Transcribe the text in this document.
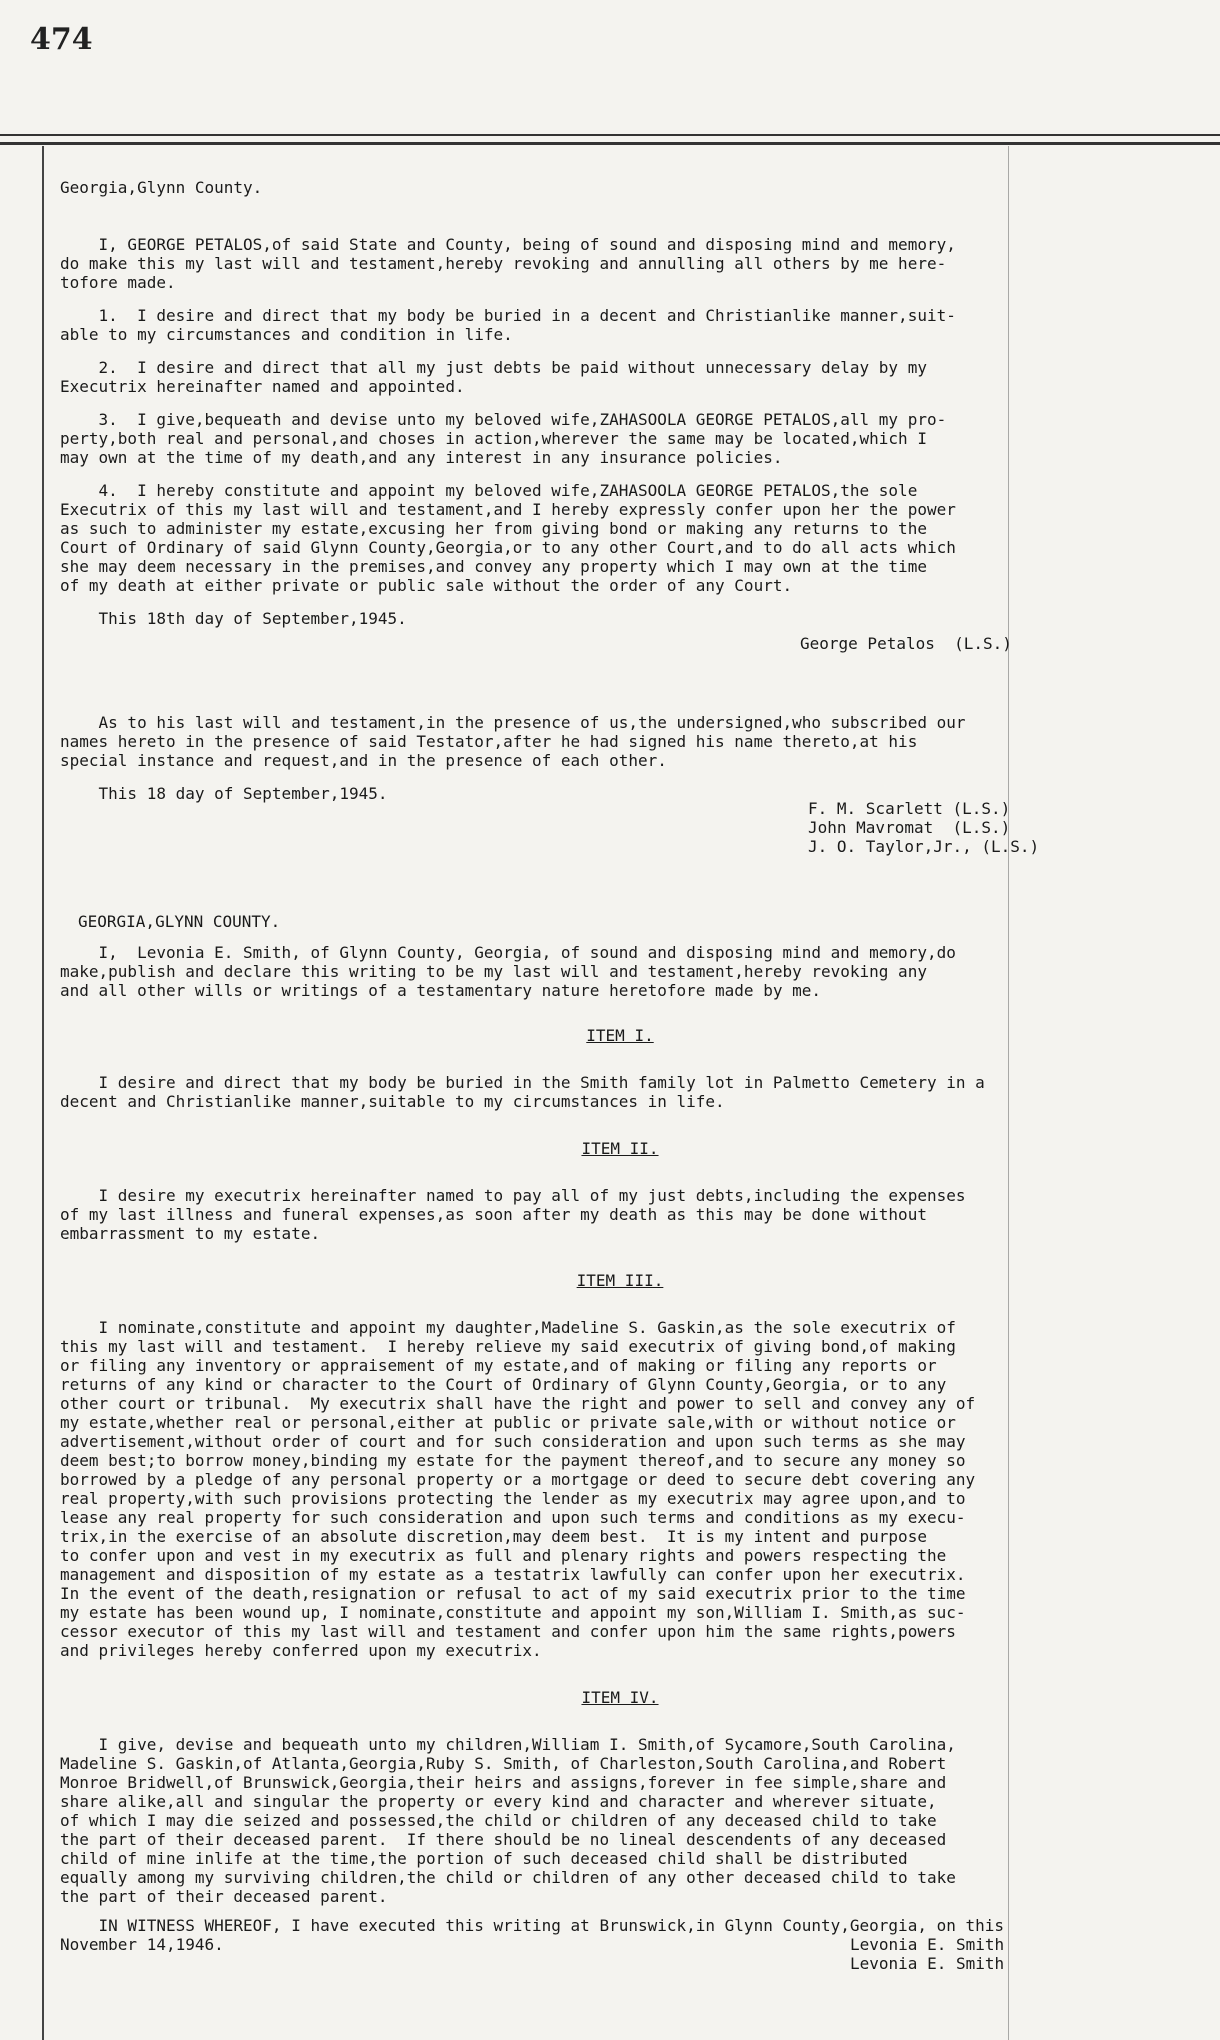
474

Georgia,Glynn County.

I, GEORGE PETALOS,of said State and County, being of sound and disposing mind and memory,
do make this my last will and testament,hereby revoking and annulling all others by me here-
tofore made.

1.  I desire and direct that my body be buried in a decent and Christianlike manner,suit-
able to my circumstances and condition in life.

2.  I desire and direct that all my just debts be paid without unnecessary delay by my
Executrix hereinafter named and appointed.

3.  I give,bequeath and devise unto my beloved wife,ZAHASOOLA GEORGE PETALOS,all my pro-
perty,both real and personal,and choses in action,wherever the same may be located,which I
may own at the time of my death,and any interest in any insurance policies.

4.  I hereby constitute and appoint my beloved wife,ZAHASOOLA GEORGE PETALOS,the sole
Executrix of this my last will and testament,and I hereby expressly confer upon her the power
as such to administer my estate,excusing her from giving bond or making any returns to the
Court of Ordinary of said Glynn County,Georgia,or to any other Court,and to do all acts which
she may deem necessary in the premises,and convey any property which I may own at the time
of my death at either private or public sale without the order of any Court.

This 18th day of September,1945.

George Petalos  (L.S.)

As to his last will and testament,in the presence of us,the undersigned,who subscribed our
names hereto in the presence of said Testator,after he had signed his name thereto,at his
special instance and request,and in the presence of each other.

This 18 day of September,1945.

F. M. Scarlett (L.S.)
John Mavromat  (L.S.)
J. O. Taylor,Jr., (L.S.)

GEORGIA,GLYNN COUNTY.

I,  Levonia E. Smith, of Glynn County, Georgia, of sound and disposing mind and memory,do
make,publish and declare this writing to be my last will and testament,hereby revoking any
and all other wills or writings of a testamentary nature heretofore made by me.

ITEM I.

I desire and direct that my body be buried in the Smith family lot in Palmetto Cemetery in a
decent and Christianlike manner,suitable to my circumstances in life.

ITEM II.

I desire my executrix hereinafter named to pay all of my just debts,including the expenses
of my last illness and funeral expenses,as soon after my death as this may be done without
embarrassment to my estate.

ITEM III.

I nominate,constitute and appoint my daughter,Madeline S. Gaskin,as the sole executrix of
this my last will and testament.  I hereby relieve my said executrix of giving bond,of making
or filing any inventory or appraisement of my estate,and of making or filing any reports or
returns of any kind or character to the Court of Ordinary of Glynn County,Georgia, or to any
other court or tribunal.  My executrix shall have the right and power to sell and convey any of
my estate,whether real or personal,either at public or private sale,with or without notice or
advertisement,without order of court and for such consideration and upon such terms as she may
deem best;to borrow money,binding my estate for the payment thereof,and to secure any money so
borrowed by a pledge of any personal property or a mortgage or deed to secure debt covering any
real property,with such provisions protecting the lender as my executrix may agree upon,and to
lease any real property for such consideration and upon such terms and conditions as my execu-
trix,in the exercise of an absolute discretion,may deem best.  It is my intent and purpose
to confer upon and vest in my executrix as full and plenary rights and powers respecting the
management and disposition of my estate as a testatrix lawfully can confer upon her executrix.
In the event of the death,resignation or refusal to act of my said executrix prior to the time
my estate has been wound up, I nominate,constitute and appoint my son,William I. Smith,as suc-
cessor executor of this my last will and testament and confer upon him the same rights,powers
and privileges hereby conferred upon my executrix.

ITEM IV.

I give, devise and bequeath unto my children,William I. Smith,of Sycamore,South Carolina,
Madeline S. Gaskin,of Atlanta,Georgia,Ruby S. Smith, of Charleston,South Carolina,and Robert
Monroe Bridwell,of Brunswick,Georgia,their heirs and assigns,forever in fee simple,share and
share alike,all and singular the property or every kind and character and wherever situate,
of which I may die seized and possessed,the child or children of any deceased child to take
the part of their deceased parent.  If there should be no lineal descendents of any deceased
child of mine inlife at the time,the portion of such deceased child shall be distributed
equally among my surviving children,the child or children of any other deceased child to take
the part of their deceased parent.

IN WITNESS WHEREOF, I have executed this writing at Brunswick,in Glynn County,Georgia, on this

November 14,1946.	Levonia E. Smith

Levonia E. Smith
